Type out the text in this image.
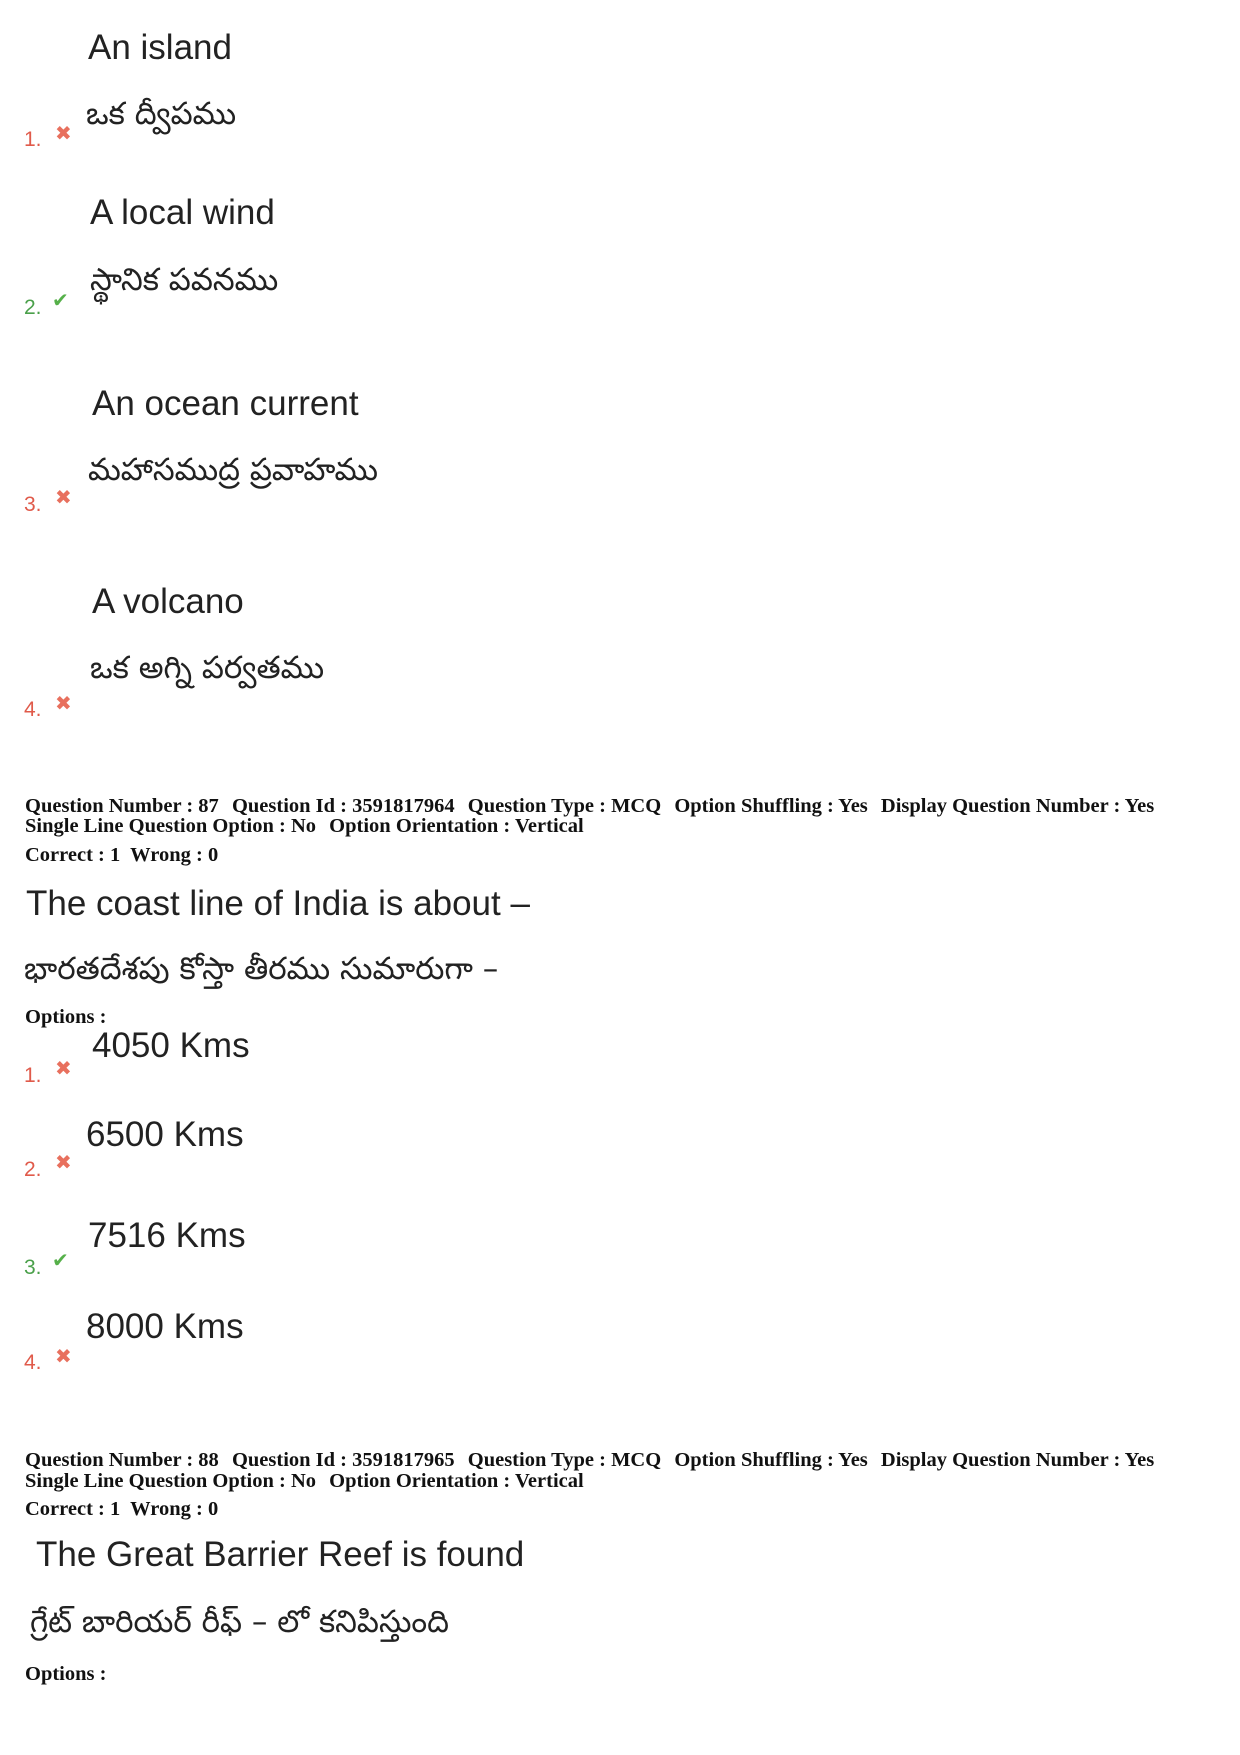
An island
ఒక ద్వీపము
1. ✖
A local wind
స్థానిక పవనము
2. ✔
An ocean current
మహాసముద్ర ప్రవాహము
3. ✖
A volcano
ఒక అగ్ని పర్వతము
4. ✖
Question Number : 87 Question Id : 3591817964 Question Type : MCQ Option Shuffling : Yes Display Question Number : Yes
Single Line Question Option : No Option Orientation : Vertical
Correct : 1  Wrong : 0
The coast line of India is about –
భారతదేశపు కోస్తా తీరము సుమారుగా –
Options :
1. ✖
4050 Kms
2. ✖
6500 Kms
3. ✔
7516 Kms
4. ✖
8000 Kms
Question Number : 88 Question Id : 3591817965 Question Type : MCQ Option Shuffling : Yes Display Question Number : Yes
Single Line Question Option : No Option Orientation : Vertical
Correct : 1  Wrong : 0
The Great Barrier Reef is found
గ్రేట్ బారియర్ రీఫ్ – లో కనిపిస్తుంది
Options :
